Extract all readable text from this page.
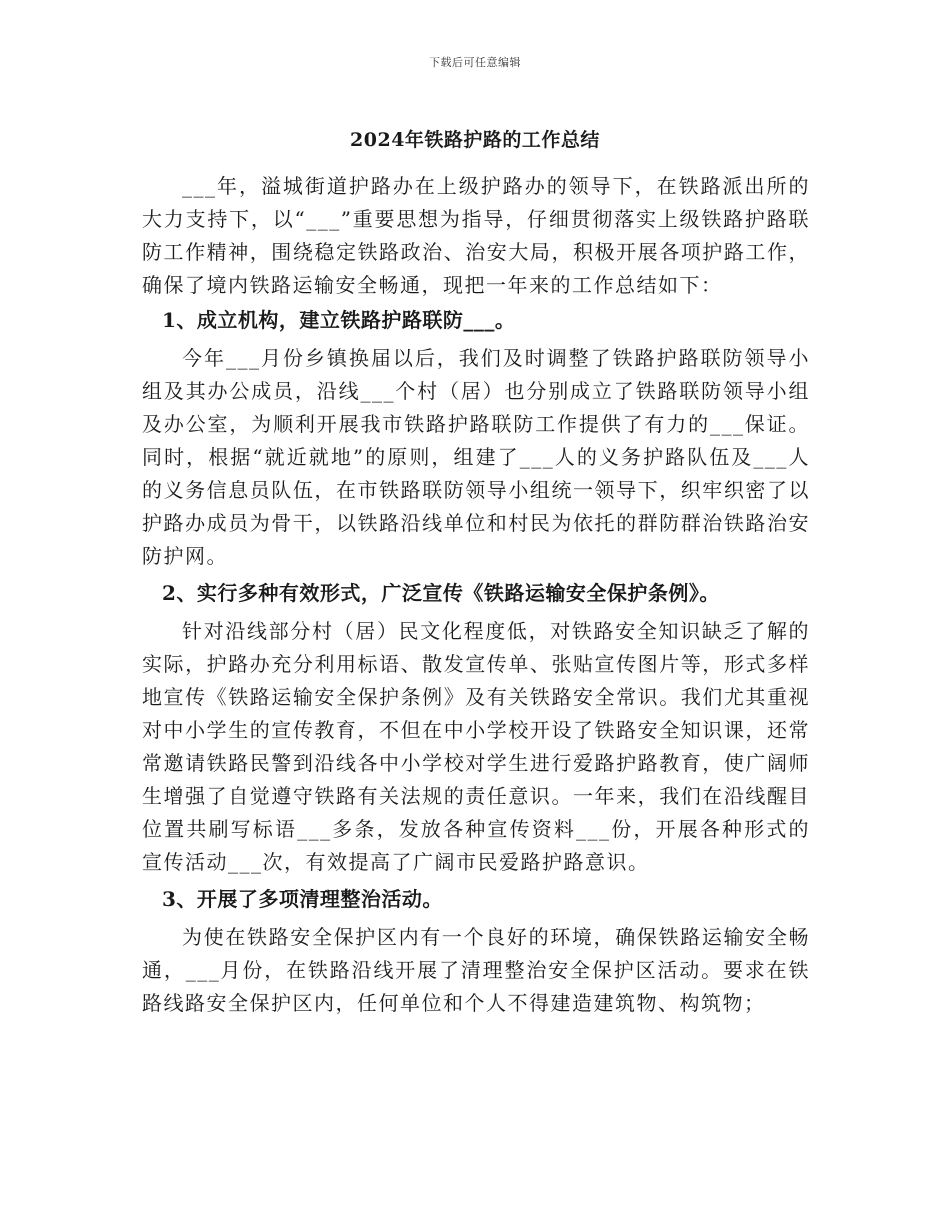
下载后可任意编辑
2024年铁路护路的工作总结

___年，溢城街道护路办在上级护路办的领导下，在铁路派出所的大力支持下，以“___”重要思想为指导，仔细贯彻落实上级铁路护路联防工作精神，围绕稳定铁路政治、治安大局，积极开展各项护路工作，确保了境内铁路运输安全畅通，现把一年来的工作总结如下：

1、成立机构，建立铁路护路联防___。

今年___月份乡镇换届以后，我们及时调整了铁路护路联防领导小组及其办公成员，沿线___个村（居）也分别成立了铁路联防领导小组及办公室，为顺利开展我市铁路护路联防工作提供了有力的___保证。同时，根据“就近就地”的原则，组建了___人的义务护路队伍及___人的义务信息员队伍，在市铁路联防领导小组统一领导下，织牢织密了以护路办成员为骨干，以铁路沿线单位和村民为依托的群防群治铁路治安防护网。

2、实行多种有效形式，广泛宣传《铁路运输安全保护条例》。

针对沿线部分村（居）民文化程度低，对铁路安全知识缺乏了解的实际，护路办充分利用标语、散发宣传单、张贴宣传图片等，形式多样地宣传《铁路运输安全保护条例》及有关铁路安全常识。我们尤其重视对中小学生的宣传教育，不但在中小学校开设了铁路安全知识课，还常常邀请铁路民警到沿线各中小学校对学生进行爱路护路教育，使广阔师生增强了自觉遵守铁路有关法规的责任意识。一年来，我们在沿线醒目位置共刷写标语___多条，发放各种宣传资料___份，开展各种形式的宣传活动___次，有效提高了广阔市民爱路护路意识。

3、开展了多项清理整治活动。

为使在铁路安全保护区内有一个良好的环境，确保铁路运输安全畅通，___月份，在铁路沿线开展了清理整治安全保护区活动。要求在铁路线路安全保护区内，任何单位和个人不得建造建筑物、构筑物；
